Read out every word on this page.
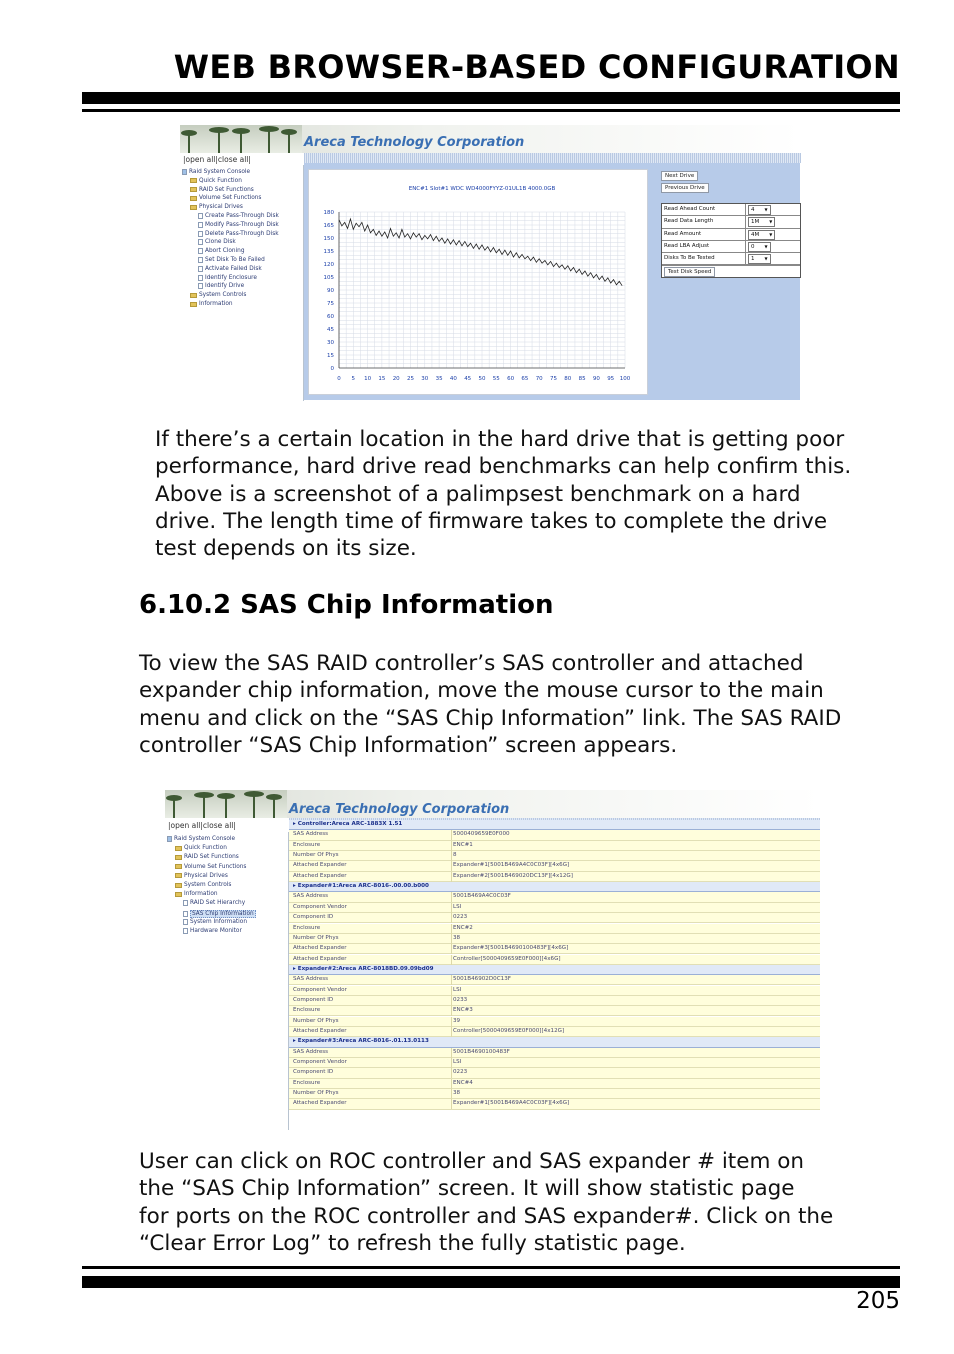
WEB BROWSER-BASED CONFIGURATION
Areca Technology Corporation
|open all|close all|
Raid System Console
Quick Function
RAID Set Functions
Volume Set Functions
Physical Drives
Create Pass-Through Disk
Modify Pass-Through Disk
Delete Pass-Through Disk
Clone Disk
Abort Cloning
Set Disk To Be Failed
Activate Failed Disk
Identify Enclosure
Identify Drive
System Controls
Information
0
15
30
45
60
75
90
105
120
135
150
165
180
0 5 10 15 20 25 30 35 40 45 50 55 60 65 70 75 80 85 90 95 100
ENC#1 Slot#1 WDC WD4000FYYZ-01UL1B 4000.0GB
Next Drive
Previous Drive
Read Ahead Count	4	▼
Read Data Length	1M	▼
Read Amount	4M	▼
Read LBA Adjust	0	▼
Disks To Be Tested	1	▼
Test Disk Speed
If there’s a certain location in the hard drive that is getting poor
performance, hard drive read benchmarks can help confirm this.
Above is a screenshot of a palimpsest benchmark on a hard
drive. The length time of firmware takes to complete the drive
test depends on its size.
6.10.2 SAS Chip Information
To view the SAS RAID controller’s SAS controller and attached
expander chip information, move the mouse cursor to the main
menu and click on the “SAS Chip Information” link. The SAS RAID
controller “SAS Chip Information” screen appears.
Areca Technology Corporation
|open all|close all|
Raid System Console
Quick Function
RAID Set Functions
Volume Set Functions
Physical Drives
System Controls
Information
RAID Set Hierarchy
SAS Chip Information
System Information
Hardware Monitor
▸ Controller:Areca ARC-1883X 1.51
SAS Address	5000409659E0F000
Enclosure	ENC#1
Number Of Phys	8
Attached Expander	Expander#1[5001B469A4C0C03F][4x6G]
Attached Expander	Expander#2[5001B469020DC13F][4x12G]
▸ Expander#1:Areca ARC-8016-.00.00.b000
SAS Address	5001B469A4C0C03F
Component Vendor	LSI
Component ID	0223
Enclosure	ENC#2
Number Of Phys	38
Attached Expander	Expander#3[5001B4690100483F][4x6G]
Attached Expander	Controller[5000409659E0F000][4x6G]
▸ Expander#2:Areca ARC-8018BD.09.09bd09
SAS Address	5001B46902D0C13F
Component Vendor	LSI
Component ID	0233
Enclosure	ENC#3
Number Of Phys	39
Attached Expander	Controller[5000409659E0F000][4x12G]
▸ Expander#3:Areca ARC-8016-.01.13.0113
SAS Address	5001B4690100483F
Component Vendor	LSI
Component ID	0223
Enclosure	ENC#4
Number Of Phys	38
Attached Expander	Expander#1[5001B469A4C0C03F][4x6G]
User can click on ROC controller and SAS expander # item on
the “SAS Chip Information” screen. It will show statistic page
for ports on the ROC controller and SAS expander#. Click on the
“Clear Error Log” to refresh the fully statistic page.
205
